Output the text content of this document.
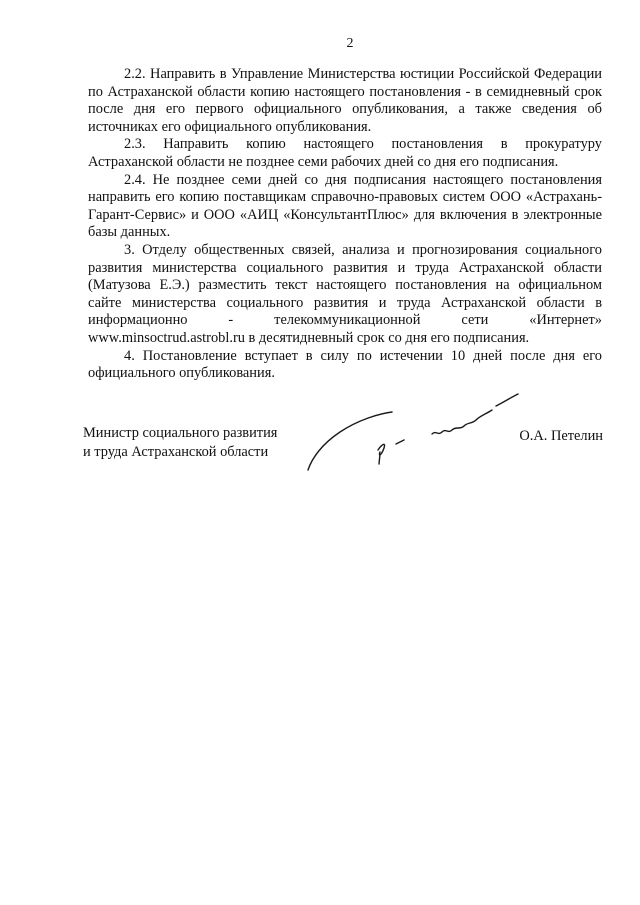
2

2.2. Направить в Управление Министерства юстиции Российской Федерации по Астраханской области копию настоящего постановления - в семидневный срок после дня его первого официального опубликования, а также сведения об источниках его официального опубликования.

2.3. Направить копию настоящего постановления в прокуратуру Астраханской области не позднее семи рабочих дней со дня его подписания.

2.4. Не позднее семи дней со дня подписания настоящего постановления направить его копию поставщикам справочно-правовых систем ООО «Астрахань-Гарант-Сервис» и ООО «АИЦ «КонсультантПлюс» для включения в электронные базы данных.

3. Отделу общественных связей, анализа и прогнозирования социального развития министерства социального развития и труда Астраханской области (Матузова Е.Э.) разместить текст настоящего постановления на официальном сайте министерства социального развития и труда Астраханской области в информационно - телекоммуникационной сети «Интернет» www.minsoctrud.astrobl.ru в десятидневный срок со дня его подписания.

4. Постановление вступает в силу по истечении 10 дней после дня его официального опубликования.

Министр социального развития
и труда Астраханской области
О.А. Петелин
